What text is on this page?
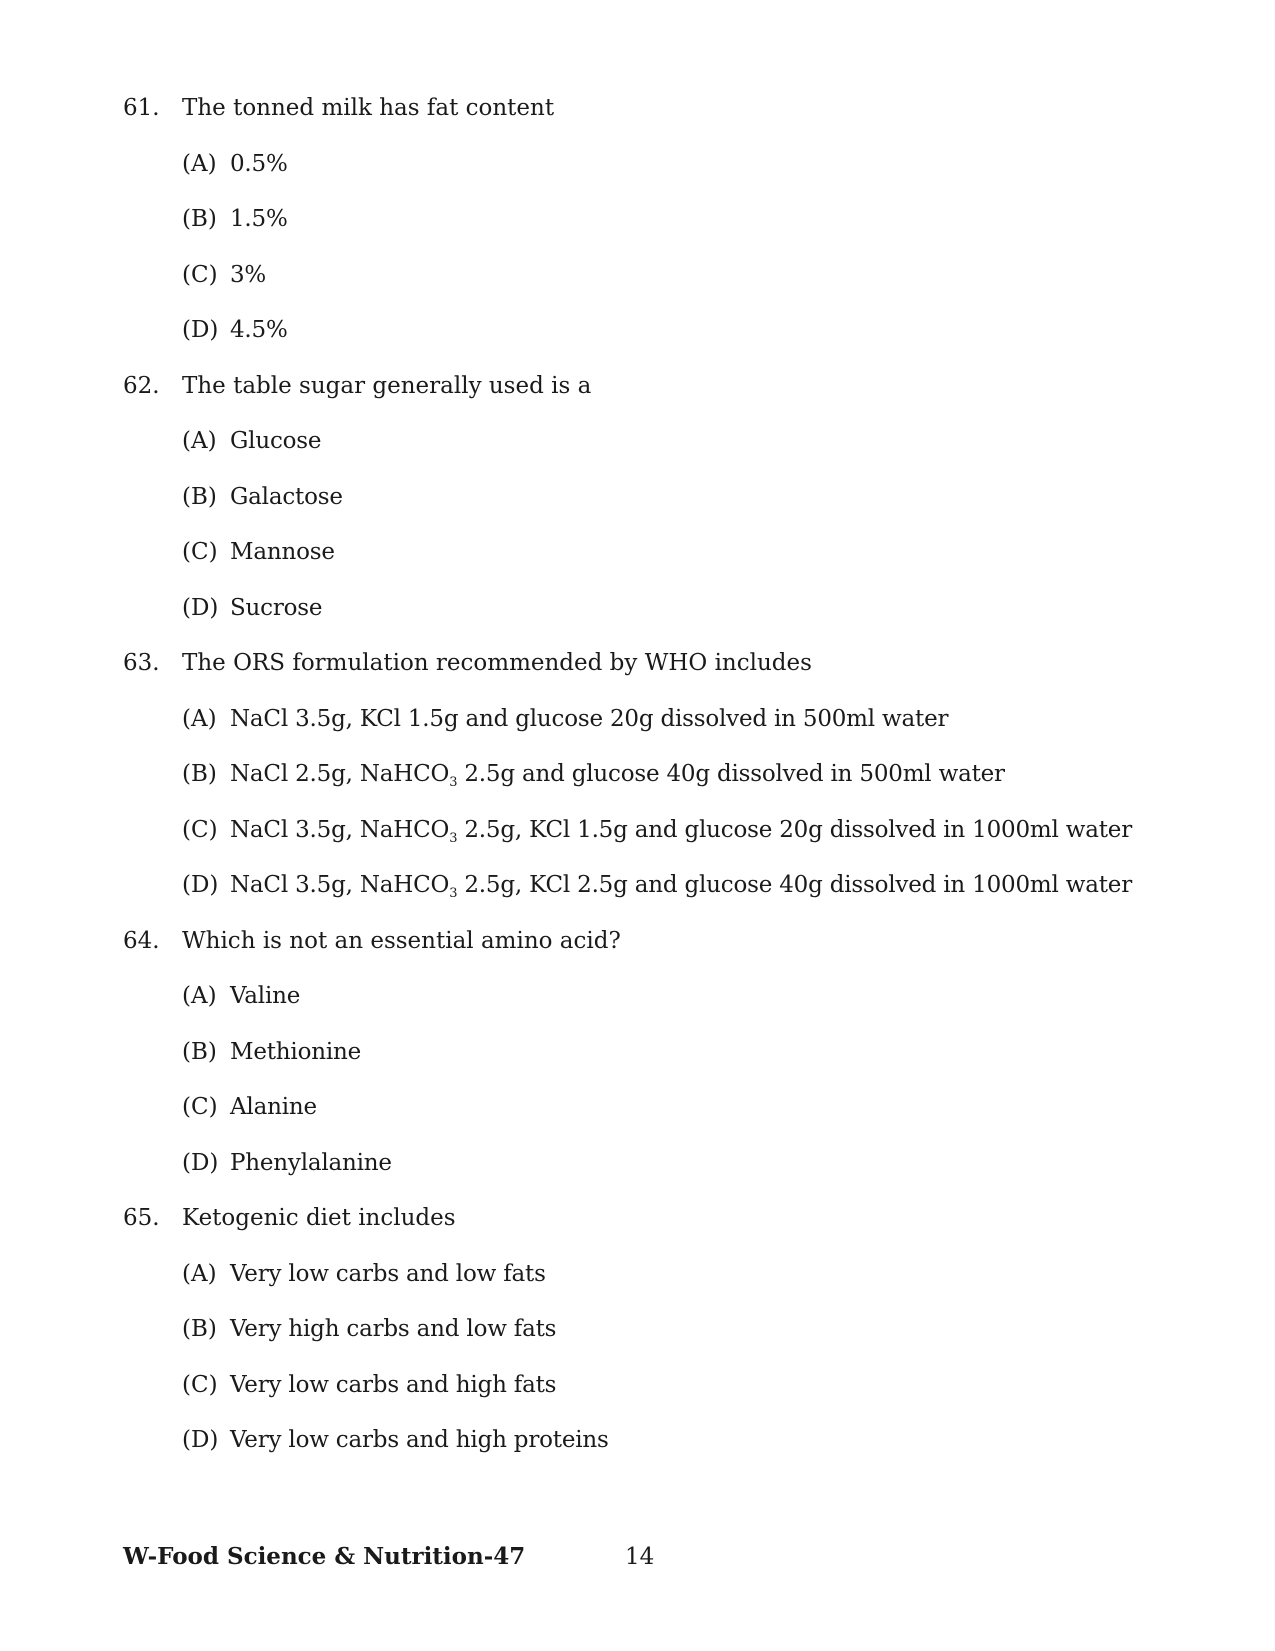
61. The tonned milk has fat content
(A) 0.5%
(B) 1.5%
(C) 3%
(D) 4.5%
62. The table sugar generally used is a
(A) Glucose
(B) Galactose
(C) Mannose
(D) Sucrose
63. The ORS formulation recommended by WHO includes
(A) NaCl 3.5g, KCl 1.5g and glucose 20g dissolved in 500ml water
(B) NaCl 2.5g, NaHCO$_3$ 2.5g and glucose 40g dissolved in 500ml water
(C) NaCl 3.5g, NaHCO$_3$ 2.5g, KCl 1.5g and glucose 20g dissolved in 1000ml water
(D) NaCl 3.5g, NaHCO$_3$ 2.5g, KCl 2.5g and glucose 40g dissolved in 1000ml water
64. Which is not an essential amino acid?
(A) Valine
(B) Methionine
(C) Alanine
(D) Phenylalanine
65. Ketogenic diet includes
(A) Very low carbs and low fats
(B) Very high carbs and low fats
(C) Very low carbs and high fats
(D) Very low carbs and high proteins
W-Food Science & Nutrition-47	14
